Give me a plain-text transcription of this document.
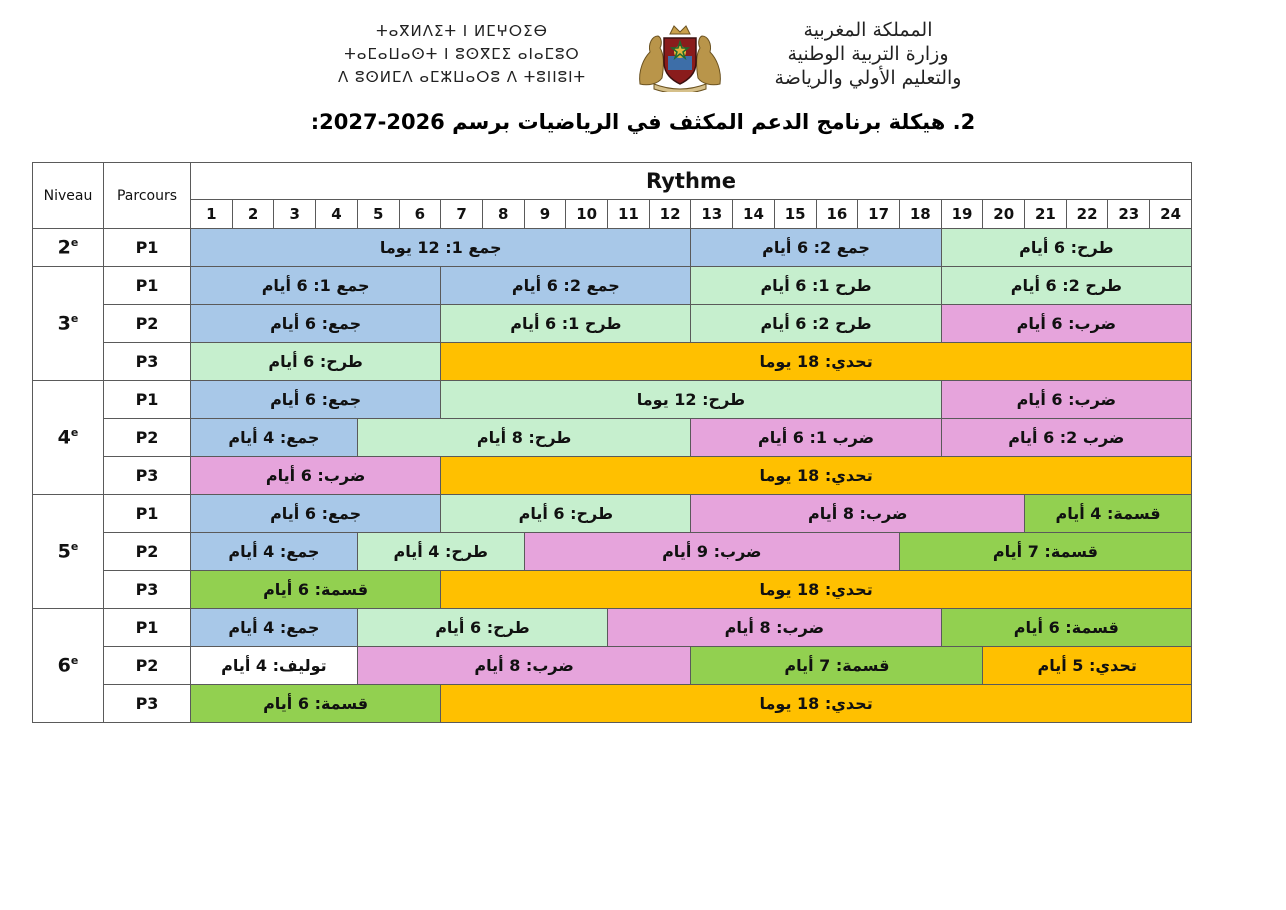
ⵜⴰⴳⵍⴷⵉⵜ ⵏ ⵍⵎⵖⵔⵉⴱ
ⵜⴰⵎⴰⵡⴰⵙⵜ ⵏ ⵓⵙⴳⵎⵉ ⴰⵏⴰⵎⵓⵔ
ⴷ ⵓⵙⵍⵎⴷ ⴰⵎⵣⵡⴰⵔⵓ ⴷ ⵜⵓⵏⵏⵓⵏⵜ
المملكة المغربية
وزارة التربية الوطنية
والتعليم الأولي والرياضة
2. هيكلة برنامج الدعم المكثف في الرياضيات برسم 2026-2027:
Niveau	Parcours	Rythme																							
		1	2	3	4	5	6	7	8	9	10	11	12	13	14	15	16	17	18	19	20	21	22	23	24
2e	P1	جمع 1: 12 يوما												جمع 2: 6 أيام						طرح: 6 أيام					
3e	P1	جمع 1: 6 أيام						جمع 2: 6 أيام						طرح 1: 6 أيام						طرح 2: 6 أيام					
	P2	جمع: 6 أيام						طرح 1: 6 أيام						طرح 2: 6 أيام						ضرب: 6 أيام					
	P3	طرح: 6 أيام						تحدي: 18 يوما																	
4e	P1	جمع: 6 أيام						طرح: 12 يوما												ضرب: 6 أيام					
	P2	جمع: 4 أيام				طرح: 8 أيام								ضرب 1: 6 أيام						ضرب 2: 6 أيام					
	P3	ضرب: 6 أيام						تحدي: 18 يوما																	
5e	P1	جمع: 6 أيام						طرح: 6 أيام						ضرب: 8 أيام								قسمة: 4 أيام			
	P2	جمع: 4 أيام				طرح: 4 أيام				ضرب: 9 أيام									قسمة: 7 أيام						
	P3	قسمة: 6 أيام						تحدي: 18 يوما																	
6e	P1	جمع: 4 أيام				طرح: 6 أيام						ضرب: 8 أيام								قسمة: 6 أيام					
	P2	توليف: 4 أيام				ضرب: 8 أيام								قسمة: 7 أيام							تحدي: 5 أيام				
	P3	قسمة: 6 أيام						تحدي: 18 يوما																	
